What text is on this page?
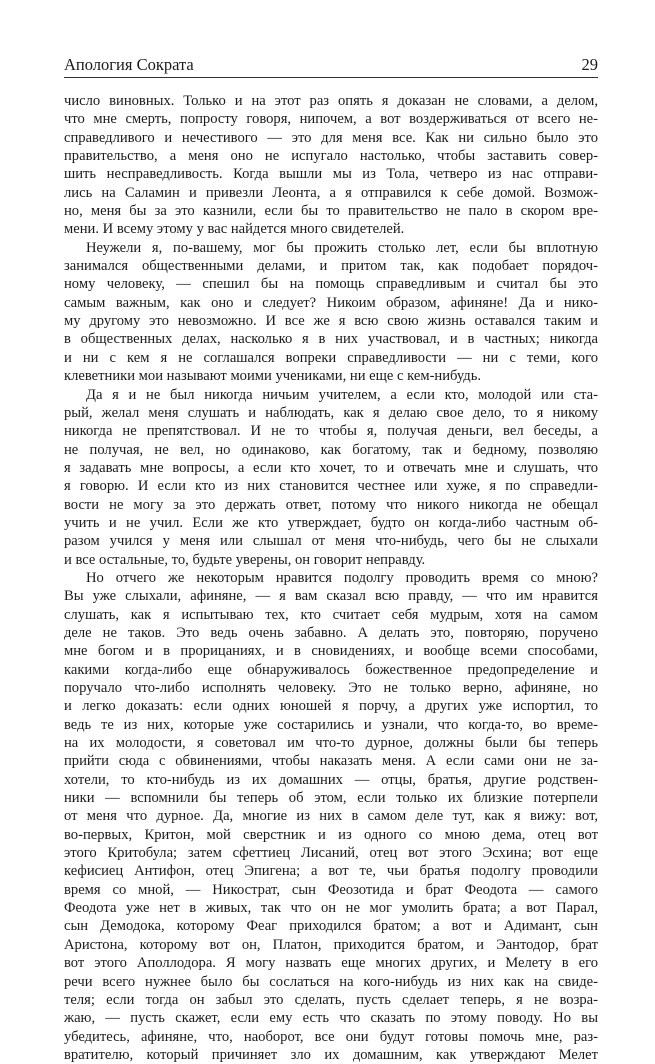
Апология Сократа	29
число виновных. Только и на этот раз опять я доказан не словами, а делом,
что мне смерть, попросту говоря, нипочем, а вот воздерживаться от всего не-
справедливого и нечестивого — это для меня все. Как ни сильно было это
правительство, а меня оно не испугало настолько, чтобы заставить совер-
шить несправедливость. Когда вышли мы из Тола, четверо из нас отправи-
лись на Саламин и привезли Леонта, а я отправился к себе домой. Возмож-
но, меня бы за это казнили, если бы то правительство не пало в скором вре-
мени. И всему этому у вас найдется много свидетелей.
Неужели я, по-вашему, мог бы прожить столько лет, если бы вплотную
занимался общественными делами, и притом так, как подобает порядоч-
ному человеку, — спешил бы на помощь справедливым и считал бы это
самым важным, как оно и следует? Никоим образом, афиняне! Да и нико-
му другому это невозможно. И все же я всю свою жизнь оставался таким и
в общественных делах, насколько я в них участвовал, и в частных; никогда
и ни с кем я не соглашался вопреки справедливости — ни с теми, кого
клеветники мои называют моими учениками, ни еще с кем-нибудь.
Да я и не был никогда ничьим учителем, а если кто, молодой или ста-
рый, желал меня слушать и наблюдать, как я делаю свое дело, то я никому
никогда не препятствовал. И не то чтобы я, получая деньги, вел беседы, а
не получая, не вел, но одинаково, как богатому, так и бедному, позволяю
я задавать мне вопросы, а если кто хочет, то и отвечать мне и слушать, что
я говорю. И если кто из них становится честнее или хуже, я по справедли-
вости не могу за это держать ответ, потому что никого никогда не обещал
учить и не учил. Если же кто утверждает, будто он когда-либо частным об-
разом учился у меня или слышал от меня что-нибудь, чего бы не слыхали
и все остальные, то, будьте уверены, он говорит неправду.
Но отчего же некоторым нравится подолгу проводить время со мною?
Вы уже слыхали, афиняне, — я вам сказал всю правду, — что им нравится
слушать, как я испытываю тех, кто считает себя мудрым, хотя на самом
деле не таков. Это ведь очень забавно. А делать это, повторяю, поручено
мне богом и в прорицаниях, и в сновидениях, и вообще всеми способами,
какими когда-либо еще обнаруживалось божественное предопределение и
поручало что-либо исполнять человеку. Это не только верно, афиняне, но
и легко доказать: если одних юношей я порчу, а других уже испортил, то
ведь те из них, которые уже состарились и узнали, что когда-то, во време-
на их молодости, я советовал им что-то дурное, должны были бы теперь
прийти сюда с обвинениями, чтобы наказать меня. А если сами они не за-
хотели, то кто-нибудь из их домашних — отцы, братья, другие родствен-
ники — вспомнили бы теперь об этом, если только их близкие потерпели
от меня что дурное. Да, многие из них в самом деле тут, как я вижу: вот,
во-первых, Критон, мой сверстник и из одного со мною дема, отец вот
этого Критобула; затем сфеттиец Лисаний, отец вот этого Эсхина; вот еще
кефисиец Антифон, отец Эпигена; а вот те, чьи братья подолгу проводили
время со мной, — Никострат, сын Феозотида и брат Феодота — самого
Феодота уже нет в живых, так что он не мог умолить брата; а вот Парал,
сын Демодока, которому Феаг приходился братом; а вот и Адимант, сын
Аристона, которому вот он, Платон, приходится братом, и Эантодор, брат
вот этого Аполлодора. Я могу назвать еще многих других, и Мелету в его
речи всего нужнее было бы сослаться на кого-нибудь из них как на свиде-
теля; если тогда он забыл это сделать, пусть сделает теперь, я не возра-
жаю, — пусть скажет, если ему есть что сказать по этому поводу. Но вы
убедитесь, афиняне, что, наоборот, все они будут готовы помочь мне, раз-
вратителю, который причиняет зло их домашним, как утверждают Мелет
